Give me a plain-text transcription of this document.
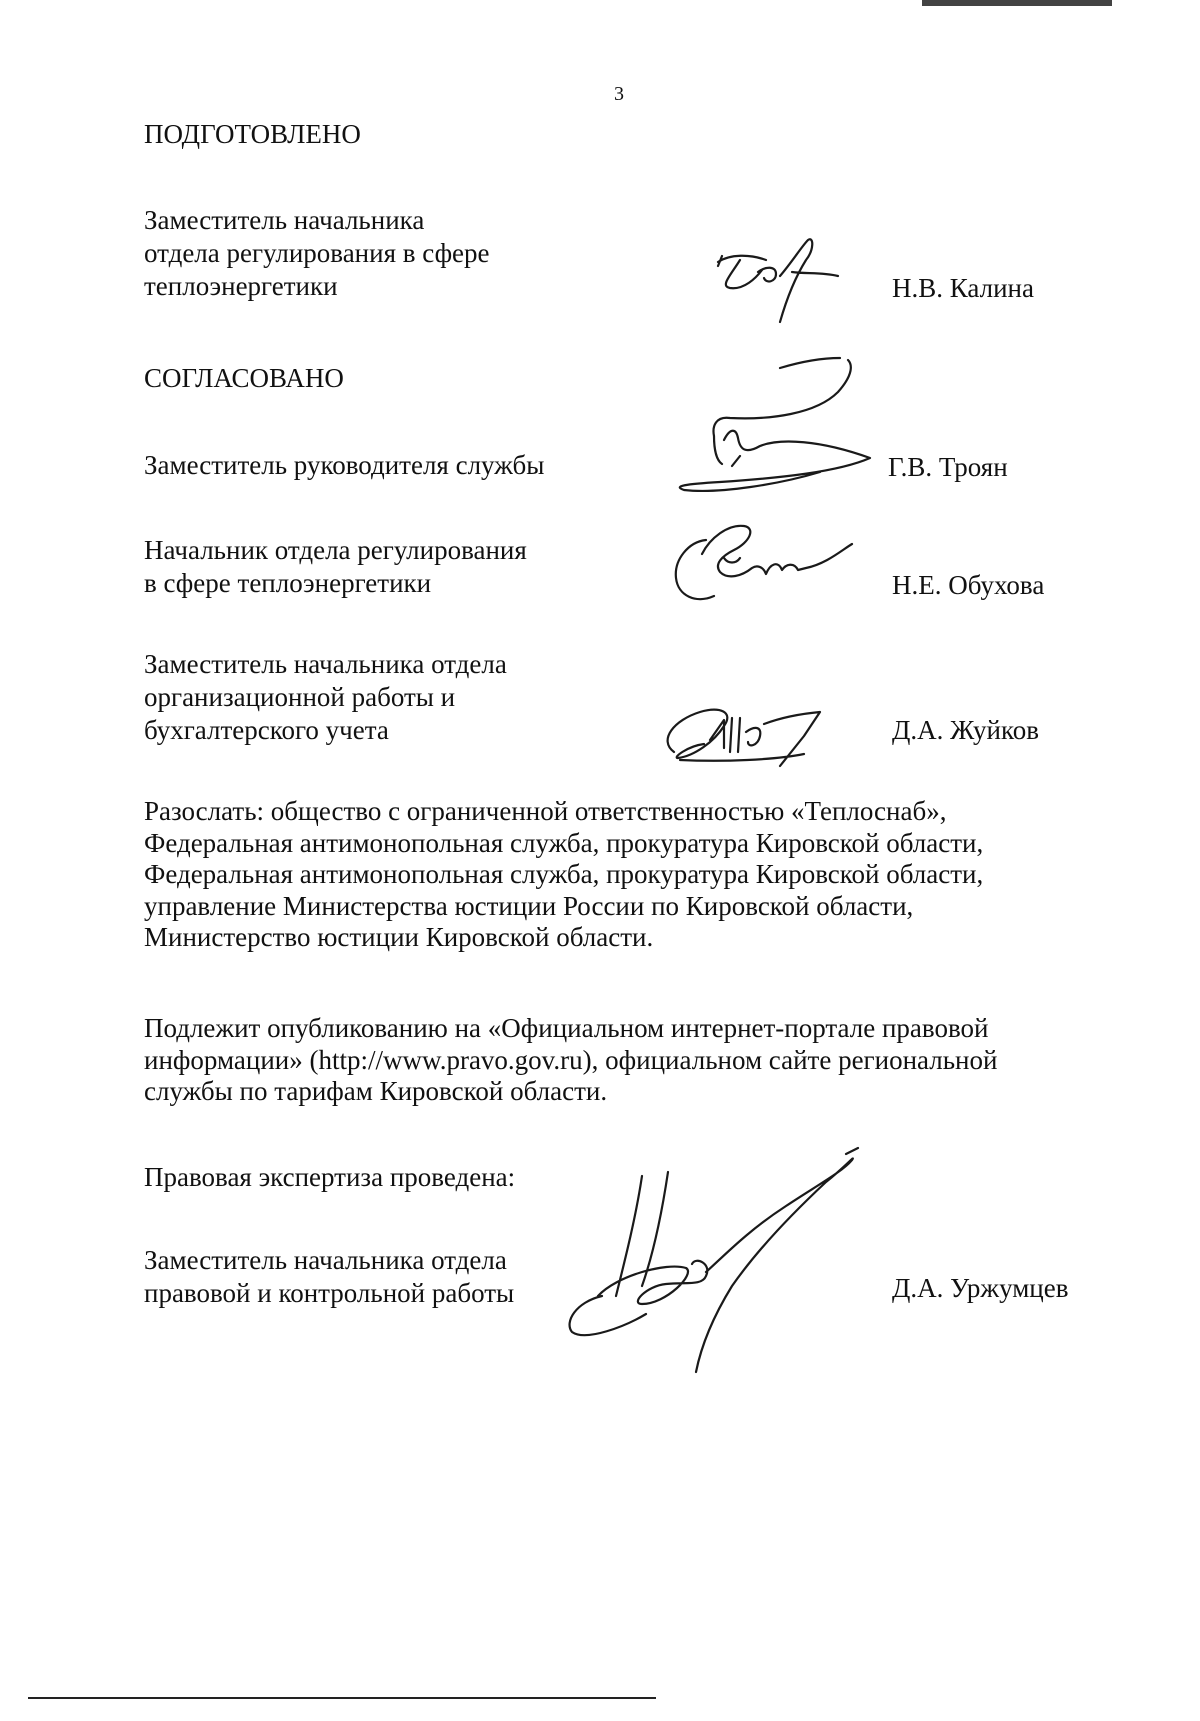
3

ПОДГОТОВЛЕНО

Заместитель начальника
отдела регулирования в сфере
теплоэнергетики	Н.В. Калина

СОГЛАСОВАНО

Заместитель руководителя службы	Г.В. Троян

Начальник отдела регулирования
в сфере теплоэнергетики	Н.Е. Обухова

Заместитель начальника отдела
организационной работы и
бухгалтерского учета	Д.А. Жуйков

Разослать: общество с ограниченной ответственностью «Теплоснаб»,
Федеральная антимонопольная служба, прокуратура Кировской области,
Федеральная антимонопольная служба, прокуратура Кировской области,
управление Министерства юстиции России по Кировской области,
Министерство юстиции Кировской области.
Подлежит опубликованию на «Официальном интернет-портале правовой
информации» (http://www.pravo.gov.ru), официальном сайте региональной
службы по тарифам Кировской области.

Правовая экспертиза проведена:

Заместитель начальника отдела
правовой и контрольной работы	Д.А. Уржумцев
